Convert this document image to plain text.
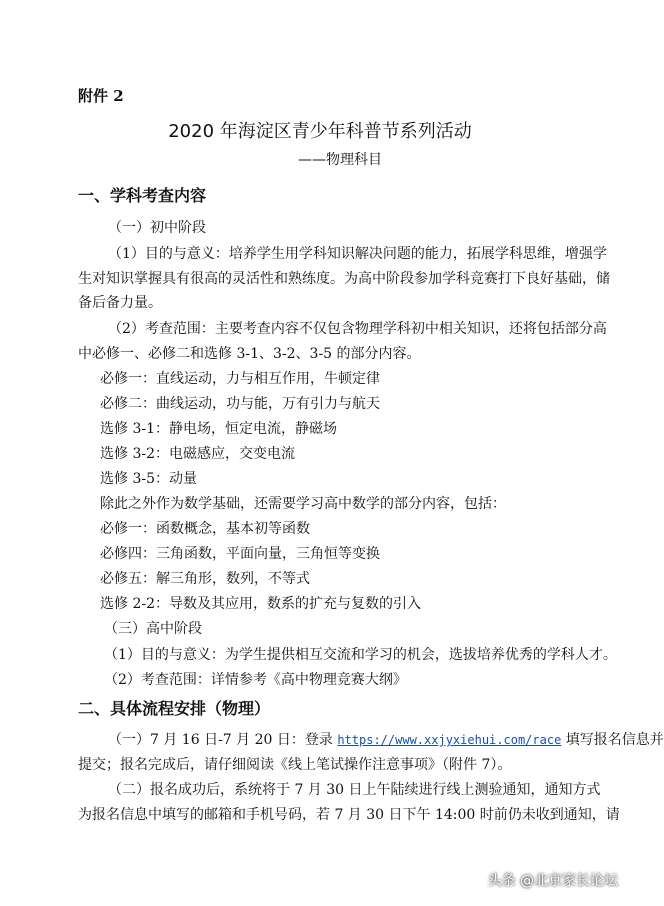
附件 2
2020 年海淀区青少年科普节系列活动
——物理科目
一、学科考查内容
（一）初中阶段
（1）目的与意义：培养学生用学科知识解决问题的能力，拓展学科思维，增强学
生对知识掌握具有很高的灵活性和熟练度。为高中阶段参加学科竞赛打下良好基础，储
备后备力量。
（2）考查范围：主要考查内容不仅包含物理学科初中相关知识，还将包括部分高
中必修一、必修二和选修 3-1、3-2、3-5 的部分内容。
必修一：直线运动，力与相互作用，牛顿定律
必修二：曲线运动，功与能，万有引力与航天
选修 3-1：静电场，恒定电流，静磁场
选修 3-2：电磁感应，交变电流
选修 3-5：动量
除此之外作为数学基础，还需要学习高中数学的部分内容，包括：
必修一：函数概念，基本初等函数
必修四：三角函数，平面向量，三角恒等变换
必修五：解三角形，数列，不等式
选修 2-2：导数及其应用，数系的扩充与复数的引入
（三）高中阶段
（1）目的与意义：为学生提供相互交流和学习的机会，选拔培养优秀的学科人才。
（2）考查范围：详情参考《高中物理竞赛大纲》
二、具体流程安排（物理）
（一）7 月 16 日-7 月 20 日：登录 https://www.xxjyxiehui.com/race 填写报名信息并
提交；报名完成后，请仔细阅读《线上笔试操作注意事项》（附件 7）。
（二）报名成功后，系统将于 7 月 30 日上午陆续进行线上测验通知，通知方式
为报名信息中填写的邮箱和手机号码，若 7 月 30 日下午 14:00 时前仍未收到通知，请
头条 @北京家长论坛
